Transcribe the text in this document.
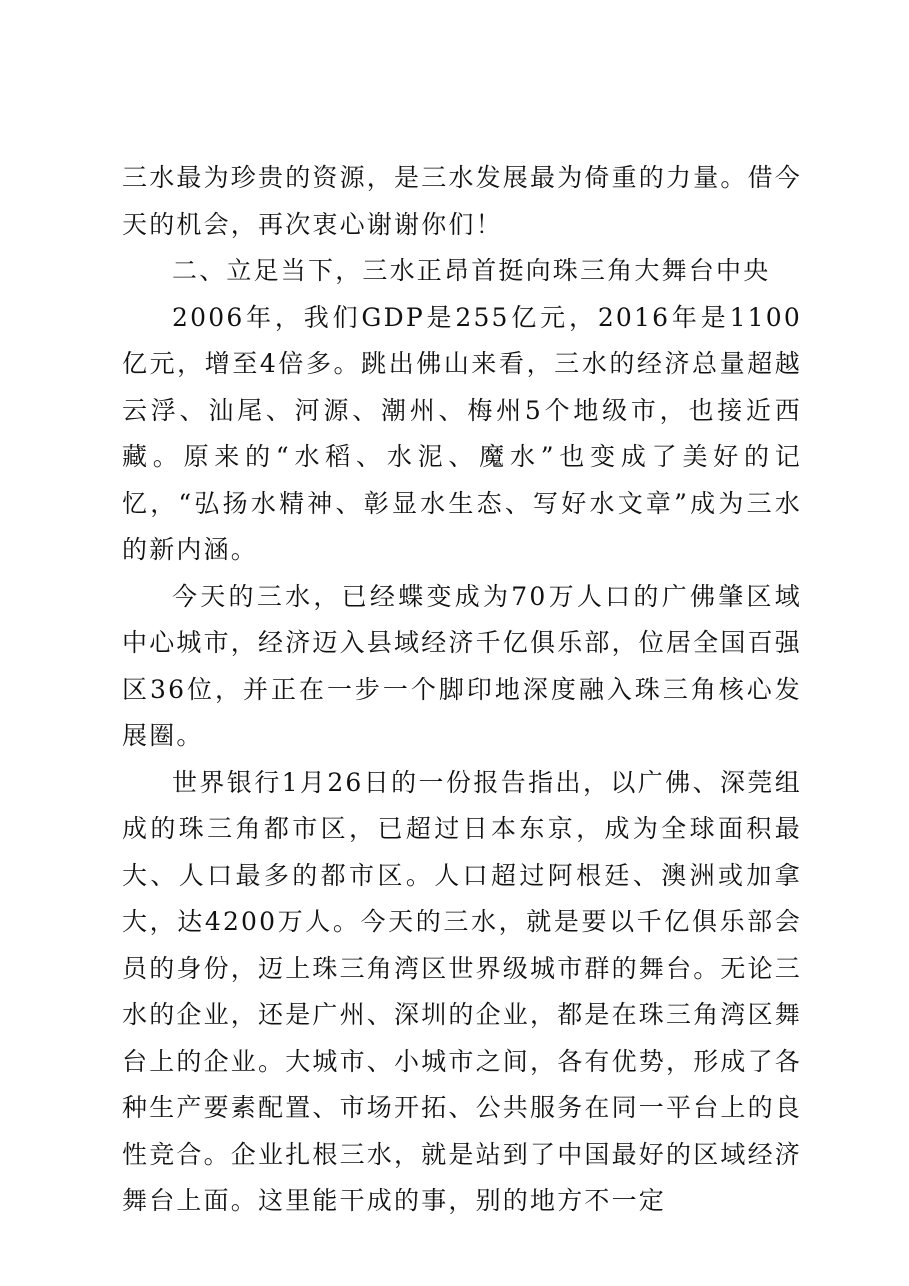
三水最为珍贵的资源，是三水发展最为倚重的力量。借今天的机会，再次衷心谢谢你们！

二、立足当下，三水正昂首挺向珠三角大舞台中央

2006年，我们GDP是255亿元，2016年是1100亿元，增至4倍多。跳出佛山来看，三水的经济总量超越云浮、汕尾、河源、潮州、梅州5个地级市，也接近西藏。原来的“水稻、水泥、魔水”也变成了美好的记忆，“弘扬水精神、彰显水生态、写好水文章”成为三水的新内涵。

今天的三水，已经蝶变成为70万人口的广佛肇区域中心城市，经济迈入县域经济千亿俱乐部，位居全国百强区36位，并正在一步一个脚印地深度融入珠三角核心发展圈。

世界银行1月26日的一份报告指出，以广佛、深莞组成的珠三角都市区，已超过日本东京，成为全球面积最大、人口最多的都市区。人口超过阿根廷、澳洲或加拿大，达4200万人。今天的三水，就是要以千亿俱乐部会员的身份，迈上珠三角湾区世界级城市群的舞台。无论三水的企业，还是广州、深圳的企业，都是在珠三角湾区舞台上的企业。大城市、小城市之间，各有优势，形成了各种生产要素配置、市场开拓、公共服务在同一平台上的良性竞合。企业扎根三水，就是站到了中国最好的区域经济舞台上面。这里能干成的事，别的地方不一定
